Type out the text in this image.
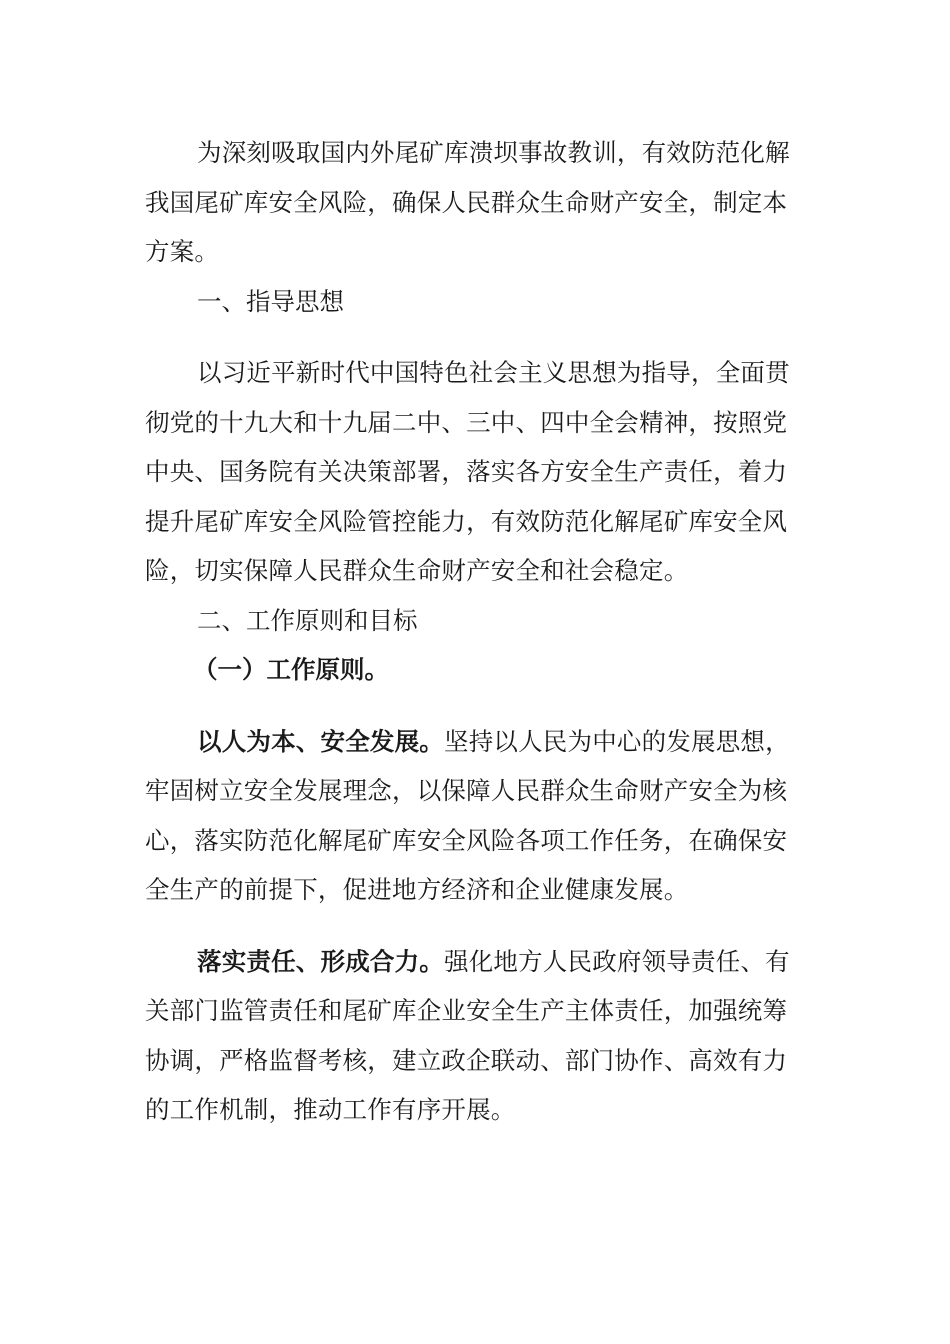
为深刻吸取国内外尾矿库溃坝事故教训，有效防范化解我国尾矿库安全风险，确保人民群众生命财产安全，制定本方案。

一、指导思想

以习近平新时代中国特色社会主义思想为指导，全面贯彻党的十九大和十九届二中、三中、四中全会精神，按照党中央、国务院有关决策部署，落实各方安全生产责任，着力提升尾矿库安全风险管控能力，有效防范化解尾矿库安全风险，切实保障人民群众生命财产安全和社会稳定。

二、工作原则和目标

（一）工作原则。

以人为本、安全发展。坚持以人民为中心的发展思想，牢固树立安全发展理念，以保障人民群众生命财产安全为核心，落实防范化解尾矿库安全风险各项工作任务，在确保安全生产的前提下，促进地方经济和企业健康发展。

落实责任、形成合力。强化地方人民政府领导责任、有关部门监管责任和尾矿库企业安全生产主体责任，加强统筹协调，严格监督考核，建立政企联动、部门协作、高效有力的工作机制，推动工作有序开展。
